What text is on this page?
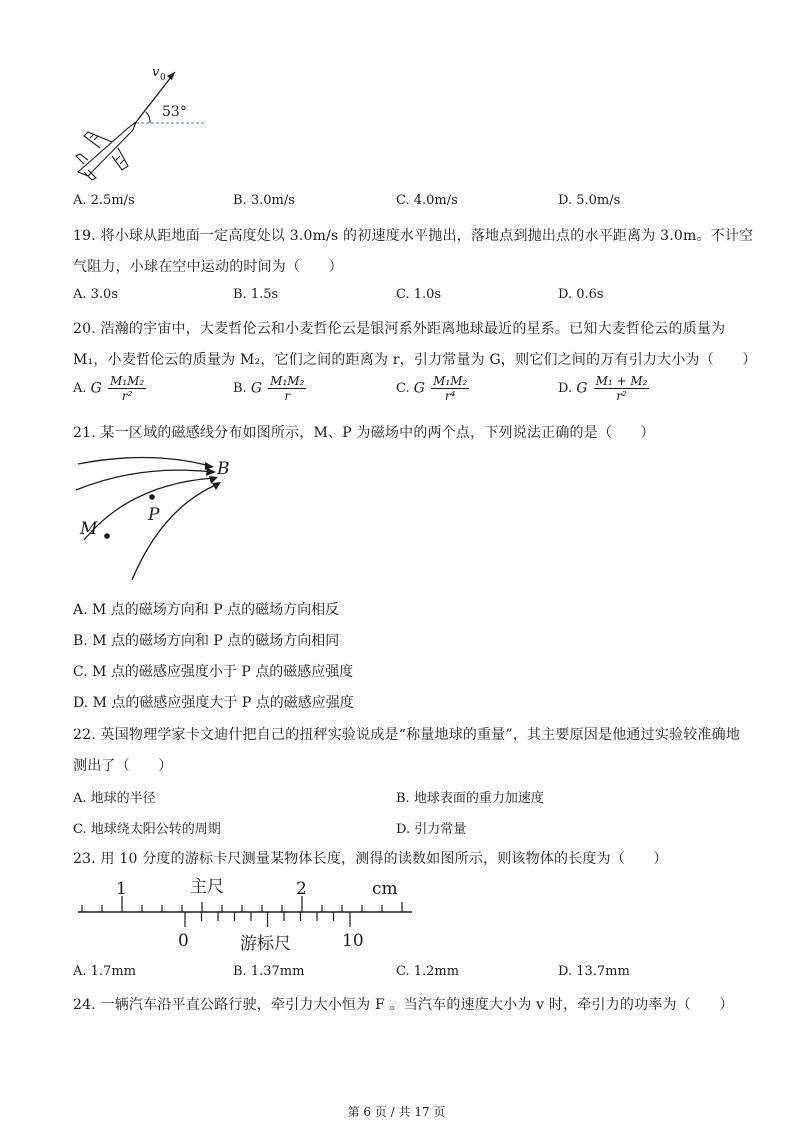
v 0
53°
A. 2.5m/s	B. 3.0m/s	C. 4.0m/s	D. 5.0m/s
19. 将小球从距地面一定高度处以 3.0m/s 的初速度水平抛出，落地点到抛出点的水平距离为 3.0m。不计空
气阻力，小球在空中运动的时间为（　　）
A. 3.0s	B. 1.5s	C. 1.0s	D. 0.6s
20. 浩瀚的宇宙中，大麦哲伦云和小麦哲伦云是银河系外距离地球最近的星系。已知大麦哲伦云的质量为
M₁，小麦哲伦云的质量为 M₂，它们之间的距离为 r，引力常量为 G，则它们之间的万有引力大小为（　　）
A. G $\frac{\text{M₁M₂}}{\text{r²}}$	B. G $\frac{\text{M₁M₂}}{r}$	C. G $\frac{\text{M₁M₂}}{\text{r⁴}}$	D. G $\frac{\text{M₁ + M₂}}{\text{r²}}$
21. 某一区域的磁感线分布如图所示，M、P 为磁场中的两个点，下列说法正确的是（　　）
B
M
P
A. M 点的磁场方向和 P 点的磁场方向相反
B. M 点的磁场方向和 P 点的磁场方向相同
C. M 点的磁感应强度小于 P 点的磁感应强度
D. M 点的磁感应强度大于 P 点的磁感应强度
22. 英国物理学家卡文迪什把自己的扭秤实验说成是“称量地球的重量”，其主要原因是他通过实验较准确地
测出了（　　）
A. 地球的半径	B. 地球表面的重力加速度
C. 地球绕太阳公转的周期	D. 引力常量
23. 用 10 分度的游标卡尺测量某物体长度，测得的读数如图所示，则该物体的长度为（　　）
1	主尺	2	cm
0	游标尺	10
A. 1.7mm	B. 1.37mm	C. 1.2mm	D. 13.7mm
24. 一辆汽车沿平直公路行驶，牵引力大小恒为 F 。当汽车的速度大小为 v 时，牵引力的功率为（　　）
第 6 页 / 共 17 页
